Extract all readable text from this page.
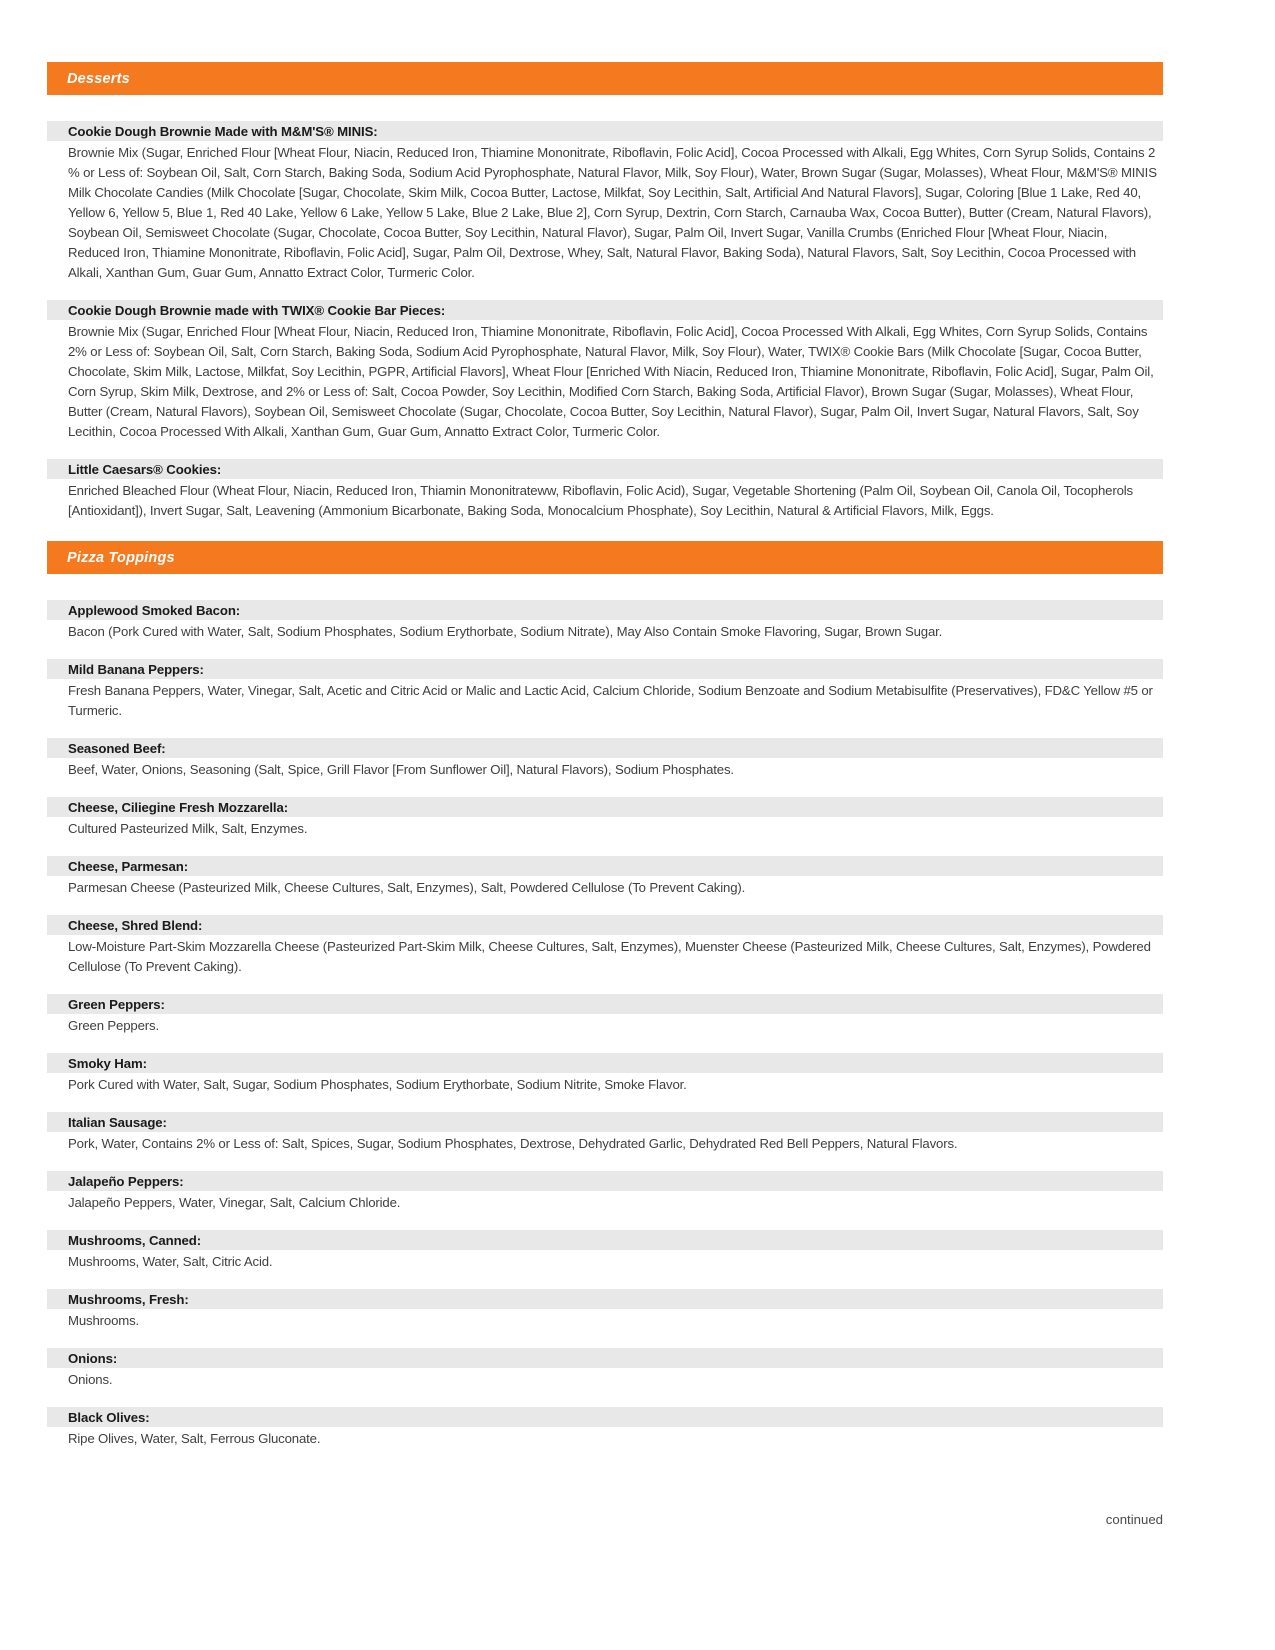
Desserts
Cookie Dough Brownie Made with M&M'S® MINIS:

Brownie Mix (Sugar, Enriched Flour [Wheat Flour, Niacin, Reduced Iron, Thiamine Mononitrate, Riboflavin, Folic Acid], Cocoa Processed with Alkali, Egg Whites, Corn Syrup Solids, Contains 2 % or Less of: Soybean Oil, Salt, Corn Starch, Baking Soda, Sodium Acid Pyrophosphate, Natural Flavor, Milk, Soy Flour), Water, Brown Sugar (Sugar, Molasses), Wheat Flour, M&M'S® MINIS Milk Chocolate Candies (Milk Chocolate [Sugar, Chocolate, Skim Milk, Cocoa Butter, Lactose, Milkfat, Soy Lecithin, Salt, Artificial And Natural Flavors], Sugar, Coloring [Blue 1 Lake, Red 40, Yellow 6, Yellow 5, Blue 1, Red 40 Lake, Yellow 6 Lake, Yellow 5 Lake, Blue 2 Lake, Blue 2], Corn Syrup, Dextrin, Corn Starch, Carnauba Wax, Cocoa Butter), Butter (Cream, Natural Flavors), Soybean Oil, Semisweet Chocolate (Sugar, Chocolate, Cocoa Butter, Soy Lecithin, Natural Flavor), Sugar, Palm Oil, Invert Sugar, Vanilla Crumbs (Enriched Flour [Wheat Flour, Niacin, Reduced Iron, Thiamine Mononitrate, Riboflavin, Folic Acid], Sugar, Palm Oil, Dextrose, Whey, Salt, Natural Flavor, Baking Soda), Natural Flavors, Salt, Soy Lecithin, Cocoa Processed with Alkali, Xanthan Gum, Guar Gum, Annatto Extract Color, Turmeric Color.

Cookie Dough Brownie made with TWIX® Cookie Bar Pieces:

Brownie Mix (Sugar, Enriched Flour [Wheat Flour, Niacin, Reduced Iron, Thiamine Mononitrate, Riboflavin, Folic Acid], Cocoa Processed With Alkali, Egg Whites, Corn Syrup Solids, Contains 2% or Less of: Soybean Oil, Salt, Corn Starch, Baking Soda, Sodium Acid Pyrophosphate, Natural Flavor, Milk, Soy Flour), Water, TWIX® Cookie Bars (Milk Chocolate [Sugar, Cocoa Butter, Chocolate, Skim Milk, Lactose, Milkfat, Soy Lecithin, PGPR, Artificial Flavors], Wheat Flour [Enriched With Niacin, Reduced Iron, Thiamine Mononitrate, Riboflavin, Folic Acid], Sugar, Palm Oil, Corn Syrup, Skim Milk, Dextrose, and 2% or Less of: Salt, Cocoa Powder, Soy Lecithin, Modified Corn Starch, Baking Soda, Artificial Flavor), Brown Sugar (Sugar, Molasses), Wheat Flour, Butter (Cream, Natural Flavors), Soybean Oil, Semisweet Chocolate (Sugar, Chocolate, Cocoa Butter, Soy Lecithin, Natural Flavor), Sugar, Palm Oil, Invert Sugar, Natural Flavors, Salt, Soy Lecithin, Cocoa Processed With Alkali, Xanthan Gum, Guar Gum, Annatto Extract Color, Turmeric Color.

Little Caesars® Cookies:

Enriched Bleached Flour (Wheat Flour, Niacin, Reduced Iron, Thiamin Mononitrateww, Riboflavin, Folic Acid), Sugar, Vegetable Shortening (Palm Oil, Soybean Oil, Canola Oil, Tocopherols [Antioxidant]), Invert Sugar, Salt, Leavening (Ammonium Bicarbonate, Baking Soda, Monocalcium Phosphate), Soy Lecithin, Natural & Artificial Flavors, Milk, Eggs.

Pizza Toppings
Applewood Smoked Bacon:

Bacon (Pork Cured with Water, Salt, Sodium Phosphates, Sodium Erythorbate, Sodium Nitrate), May Also Contain Smoke Flavoring, Sugar, Brown Sugar.

Mild Banana Peppers:

Fresh Banana Peppers, Water, Vinegar, Salt, Acetic and Citric Acid or Malic and Lactic Acid, Calcium Chloride, Sodium Benzoate and Sodium Metabisulfite (Preservatives), FD&C Yellow #5 or Turmeric.

Seasoned Beef:

Beef, Water, Onions, Seasoning (Salt, Spice, Grill Flavor [From Sunflower Oil], Natural Flavors), Sodium Phosphates.

Cheese, Ciliegine Fresh Mozzarella:

Cultured Pasteurized Milk, Salt, Enzymes.

Cheese, Parmesan:

Parmesan Cheese (Pasteurized Milk, Cheese Cultures, Salt, Enzymes), Salt, Powdered Cellulose (To Prevent Caking).

Cheese, Shred Blend:

Low-Moisture Part-Skim Mozzarella Cheese (Pasteurized Part-Skim Milk, Cheese Cultures, Salt, Enzymes), Muenster Cheese (Pasteurized Milk, Cheese Cultures, Salt, Enzymes), Powdered Cellulose (To Prevent Caking).

Green Peppers:

Green Peppers.

Smoky Ham:

Pork Cured with Water, Salt, Sugar, Sodium Phosphates, Sodium Erythorbate, Sodium Nitrite, Smoke Flavor.

Italian Sausage:

Pork, Water, Contains 2% or Less of: Salt, Spices, Sugar, Sodium Phosphates, Dextrose, Dehydrated Garlic, Dehydrated Red Bell Peppers, Natural Flavors.

Jalapeño Peppers:

Jalapeño Peppers, Water, Vinegar, Salt, Calcium Chloride.

Mushrooms, Canned:

Mushrooms, Water, Salt, Citric Acid.

Mushrooms, Fresh:

Mushrooms.

Onions:

Onions.

Black Olives:

Ripe Olives, Water, Salt, Ferrous Gluconate.

continued
